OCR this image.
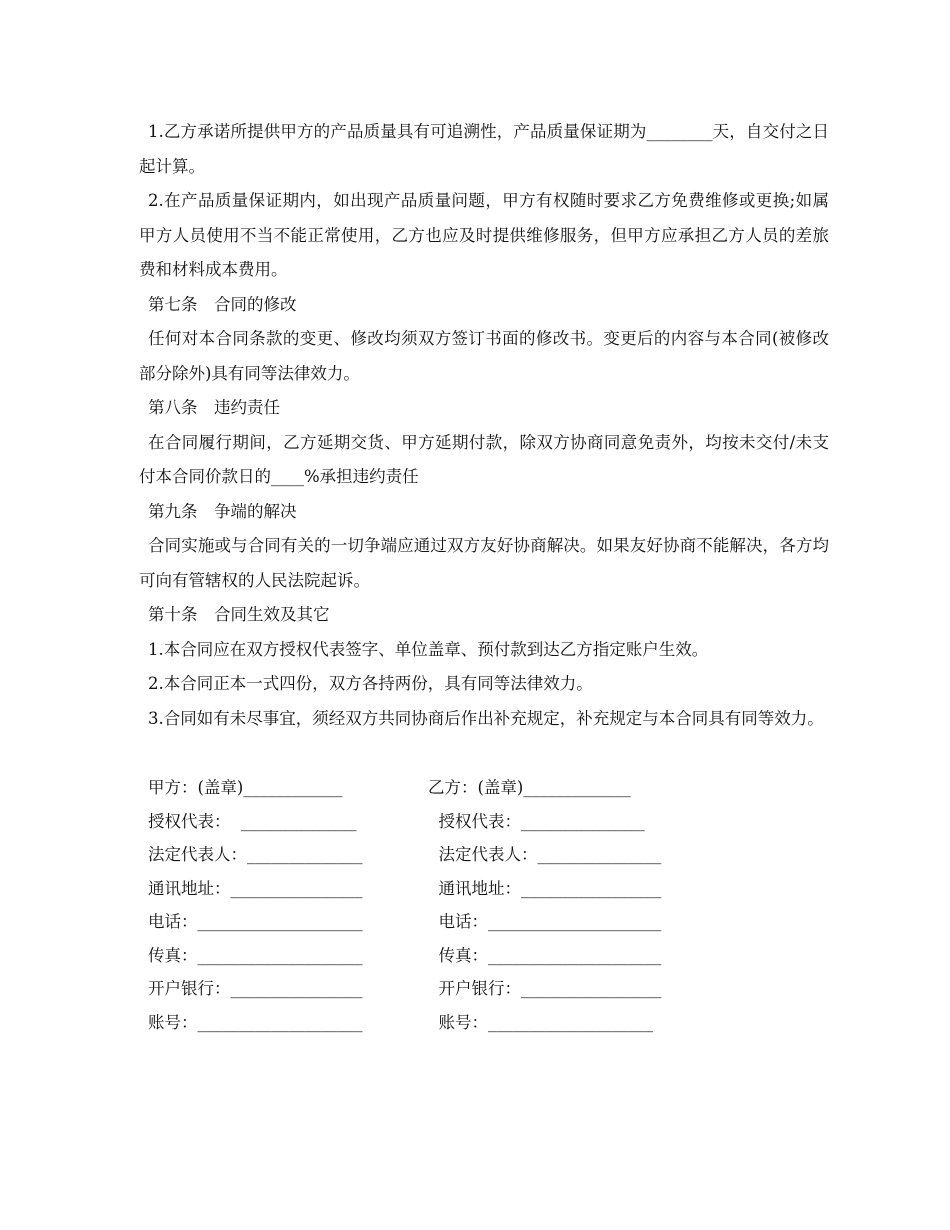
1.乙方承诺所提供甲方的产品质量具有可追溯性，产品质量保证期为________天，自交付之日起计算。

2.在产品质量保证期内，如出现产品质量问题，甲方有权随时要求乙方免费维修或更换;如属甲方人员使用不当不能正常使用，乙方也应及时提供维修服务，但甲方应承担乙方人员的差旅费和材料成本费用。

第七条　合同的修改

任何对本合同条款的变更、修改均须双方签订书面的修改书。变更后的内容与本合同(被修改部分除外)具有同等法律效力。

第八条　违约责任

在合同履行期间，乙方延期交货、甲方延期付款，除双方协商同意免责外，均按未交付/未支付本合同价款日的____%承担违约责任

第九条　争端的解决

合同实施或与合同有关的一切争端应通过双方友好协商解决。如果友好协商不能解决，各方均可向有管辖权的人民法院起诉。

第十条　合同生效及其它

1.本合同应在双方授权代表签字、单位盖章、预付款到达乙方指定账户生效。

2.本合同正本一式四份，双方各持两份，具有同等法律效力。

3.合同如有未尽事宜，须经双方共同协商后作出补充规定，补充规定与本合同具有同等效力。

甲方：(盖章)____________	乙方：(盖章)_____________
授权代表：  ______________	授权代表：_______________
法定代表人：______________	法定代表人：_______________
通讯地址：________________	通讯地址：_________________
电话：____________________	电话：_____________________
传真：____________________	传真：_____________________
开户银行：________________	开户银行：_________________
账号：____________________	账号：____________________
